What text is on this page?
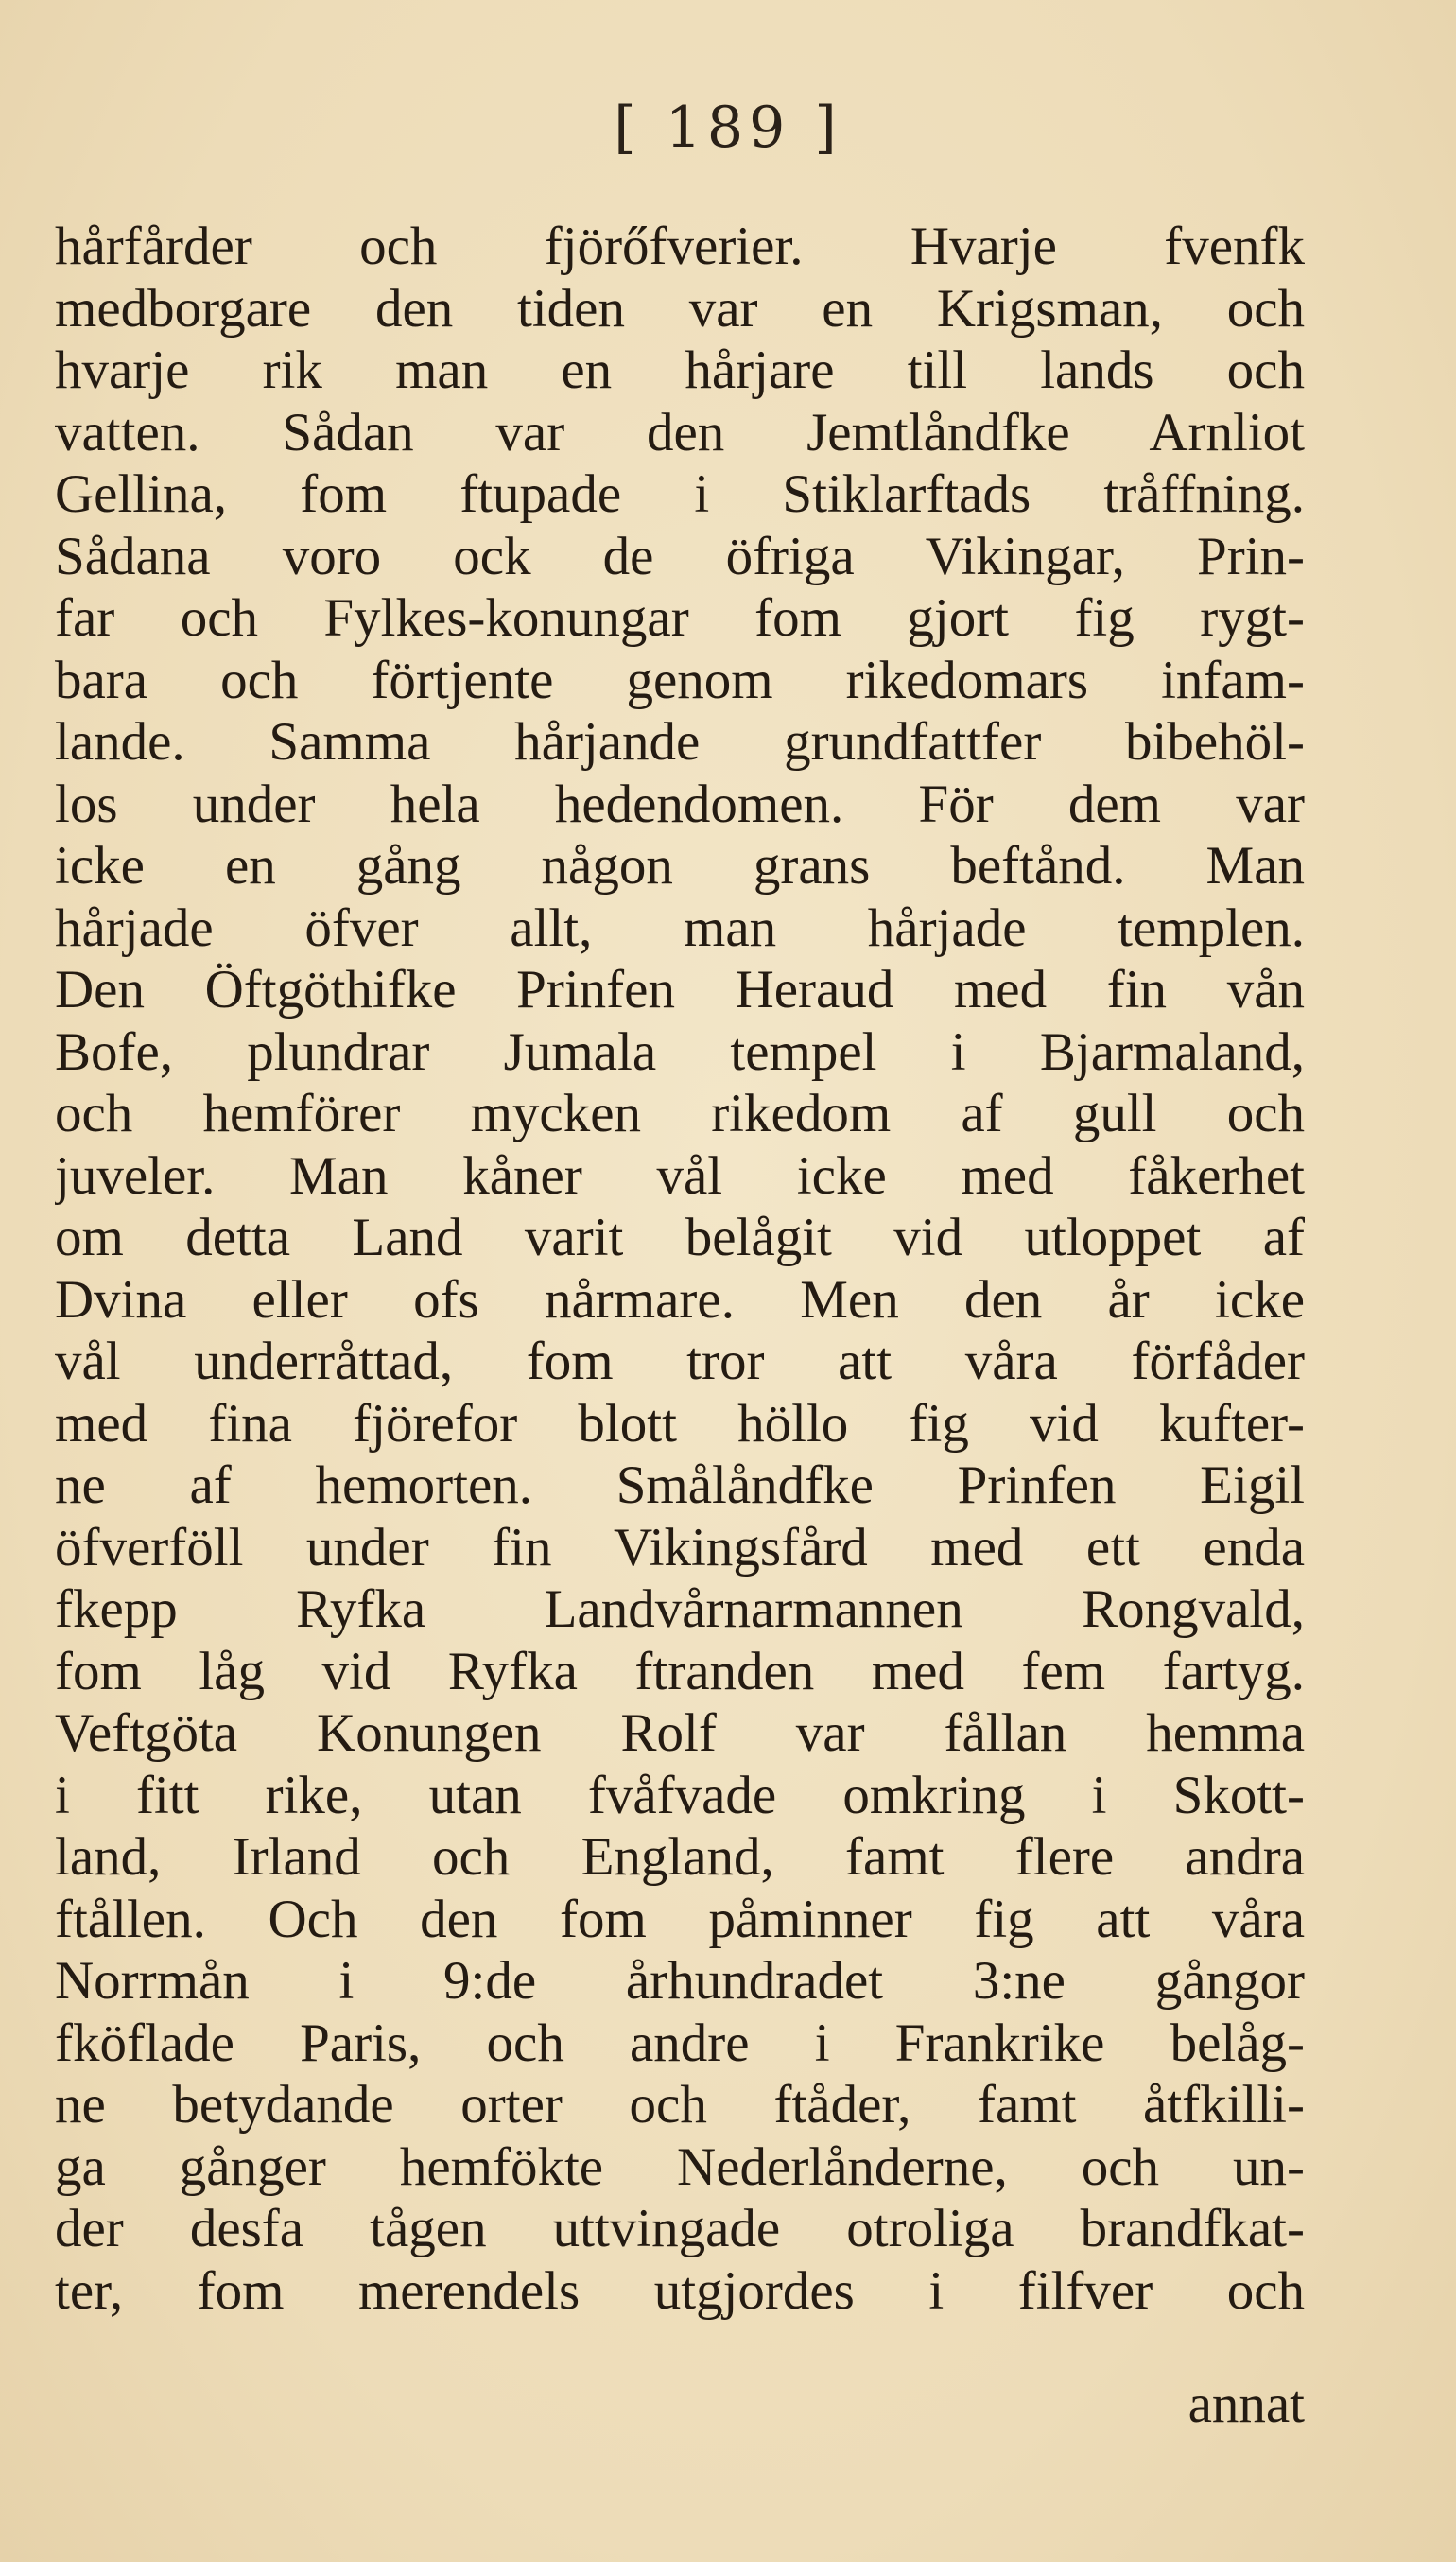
[ 189 ]
hårfårder och fjörőfverier. Hvarje fvenfk
medborgare den tiden var en Krigsman, och
hvarje rik man en hårjare till lands och
vatten. Sådan var den Jemtlåndfke Arnliot
Gellina, fom ftupade i Stiklarftads tråffning.
Sådana voro ock de öfriga Vikingar, Prin-
far och Fylkes-konungar fom gjort fig rygt-
bara och förtjente genom rikedomars infam-
lande. Samma hårjande grundfattfer bibehöl-
los under hela hedendomen. För dem var
icke en gång någon grans beftånd. Man
hårjade öfver allt, man hårjade templen.
Den Öftgöthifke Prinfen Heraud med fin vån
Bofe, plundrar Jumala tempel i Bjarmaland,
och hemförer mycken rikedom af gull och
juveler. Man kåner vål icke med fåkerhet
om detta Land varit belågit vid utloppet af
Dvina eller ofs nårmare. Men den år icke
vål underråttad, fom tror att våra förfåder
med fina fjörefor blott höllo fig vid kufter-
ne af hemorten. Smålåndfke Prinfen Eigil
öfverföll under fin Vikingsfård med ett enda
fkepp Ryfka Landvårnarmannen Rongvald,
fom låg vid Ryfka ftranden med fem fartyg.
Veftgöta Konungen Rolf var fållan hemma
i fitt rike, utan fvåfvade omkring i Skott-
land, Irland och England, famt flere andra
ftållen. Och den fom påminner fig att våra
Norrmån i 9:de århundradet 3:ne gångor
fköflade Paris, och andre i Frankrike belåg-
ne betydande orter och ftåder, famt åtfkilli-
ga gånger hemfökte Nederlånderne, och un-
der desfa tågen uttvingade otroliga brandfkat-
ter, fom merendels utgjordes i filfver och
annat
